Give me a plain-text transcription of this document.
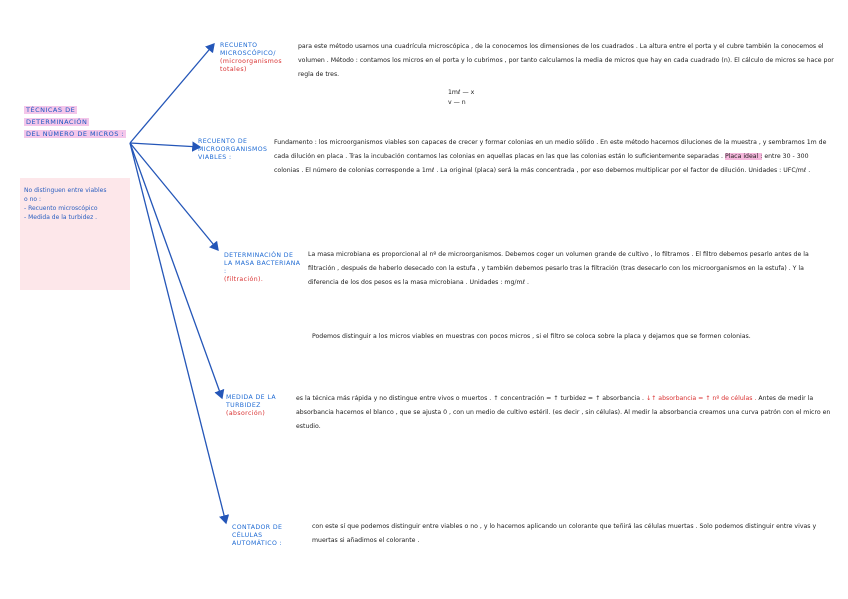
TÉCNICAS DE
DETERMINACIÓN
DEL NÚMERO DE MICROS :
No distinguen entre viables
o no :
- Recuento microscópico
- Medida de la turbidez .
RECUENTO MICROSCÓPICO/
(microorganismos totales)
para este método usamos una cuadrícula microscópica , de la conocemos los dimensiones de los cuadrados . La altura entre el porta y el cubre también la conocemos el volumen . Método : contamos los micros en el porta y lo cubrimos , por tanto calculamos la media de micros que hay en cada cuadrado (n). El cálculo de micros se hace por regla de tres.
1mℓ — x
v — n
RECUENTO DE MICROORGANISMOS VIABLES :
Fundamento : los microorganismos viables son capaces de crecer y formar colonias en un medio sólido . En este método hacemos diluciones de la muestra , y sembramos 1m de cada dilución en placa . Tras la incubación contamos las colonias en aquellas placas en las que las colonias están lo suficientemente separadas . Placa ideal : entre 30 - 300 colonias . El número de colonias corresponde a 1mℓ . La original (placa) será la más concentrada , por eso debemos multiplicar por el factor de dilución. Unidades : UFC/mℓ .
DETERMINACIÓN DE LA MASA BACTERIANA :
(filtración).
La masa microbiana es proporcional al nº de microorganismos. Debemos coger un volumen grande de cultivo , lo filtramos . El filtro debemos pesarlo antes de la filtración , después de haberlo desecado con la estufa , y también debemos pesarlo tras la filtración (tras desecarlo con los microorganismos en la estufa) . Y la diferencia de los dos pesos es la masa microbiana . Unidades : mg/mℓ .
Podemos distinguir a los micros viables en muestras con pocos micros , si el filtro se coloca sobre la placa y dejamos que se formen colonias.
MEDIDA DE LA TURBIDEZ
(absorción)
es la técnica más rápida y no distingue entre vivos o muertos . ↑ concentración = ↑ turbidez = ↑ absorbancia . ↓↑ absorbancia = ↑ nº de células . Antes de medir la absorbancia hacemos el blanco , que se ajusta 0 , con un medio de cultivo estéril. (es decir , sin células). Al medir la absorbancia creamos una curva patrón con el micro en estudio.
CONTADOR DE CÉLULAS AUTOMÁTICO :
con este sí que podemos distinguir entre viables o no , y lo hacemos aplicando un colorante que teñirá las células muertas . Solo podemos distinguir entre vivas y muertas si añadimos el colorante .
